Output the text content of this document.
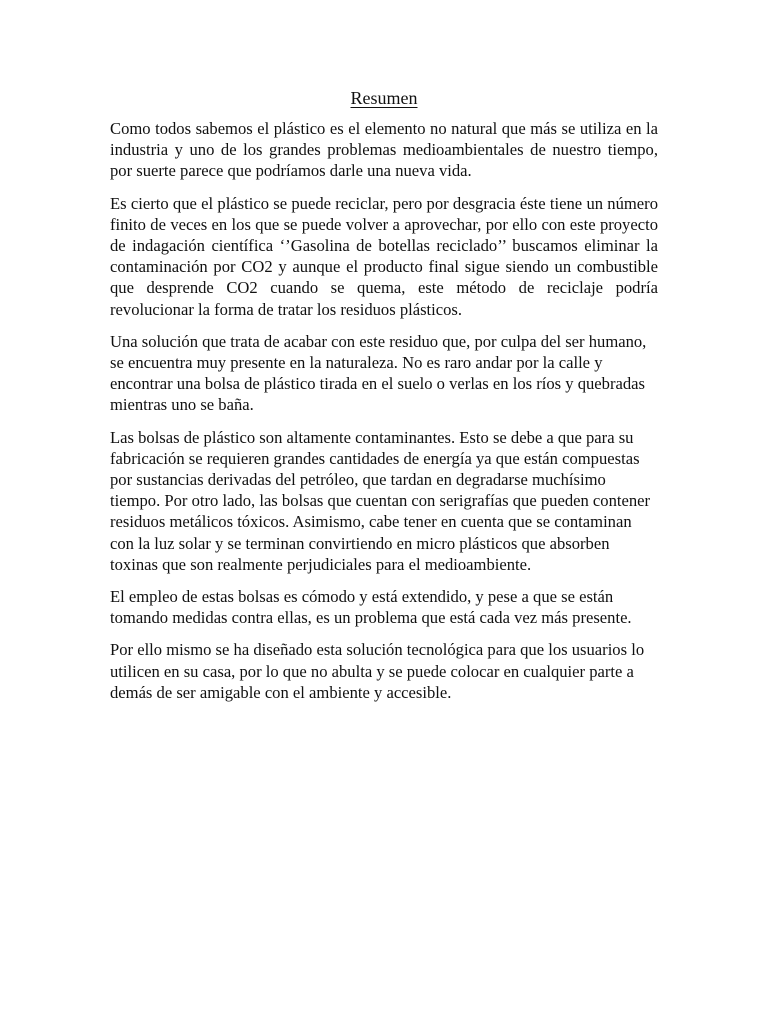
Resumen

Como todos sabemos el plástico es el elemento no natural que más se utiliza en la industria y uno de los grandes problemas medioambientales de nuestro tiempo, por suerte parece que podríamos darle una nueva vida.

Es cierto que el plástico se puede reciclar, pero por desgracia éste tiene un número finito de veces en los que se puede volver a aprovechar, por ello con este proyecto de indagación científica ‘’Gasolina de botellas reciclado’’ buscamos eliminar la contaminación por CO2 y aunque el producto final sigue siendo un combustible que desprende CO2 cuando se quema, este método de reciclaje podría revolucionar la forma de tratar los residuos plásticos.

Una solución que trata de acabar con este residuo que, por culpa del ser humano, se encuentra muy presente en la naturaleza. No es raro andar por la calle y encontrar una bolsa de plástico tirada en el suelo o verlas en los ríos y quebradas mientras uno se baña.

Las bolsas de plástico son altamente contaminantes. Esto se debe a que para su fabricación se requieren grandes cantidades de energía ya que están compuestas por sustancias derivadas del petróleo, que tardan en degradarse muchísimo tiempo. Por otro lado, las bolsas que cuentan con serigrafías que pueden contener residuos metálicos tóxicos. Asimismo, cabe tener en cuenta que se contaminan con la luz solar y se terminan convirtiendo en micro plásticos que absorben toxinas que son realmente perjudiciales para el medioambiente.

El empleo de estas bolsas es cómodo y está extendido, y pese a que se están tomando medidas contra ellas, es un problema que está cada vez más presente.

Por ello mismo se ha diseñado esta solución tecnológica para que los usuarios lo utilicen en su casa, por lo que no abulta y se puede colocar en cualquier parte a demás de ser amigable con el ambiente y accesible.
